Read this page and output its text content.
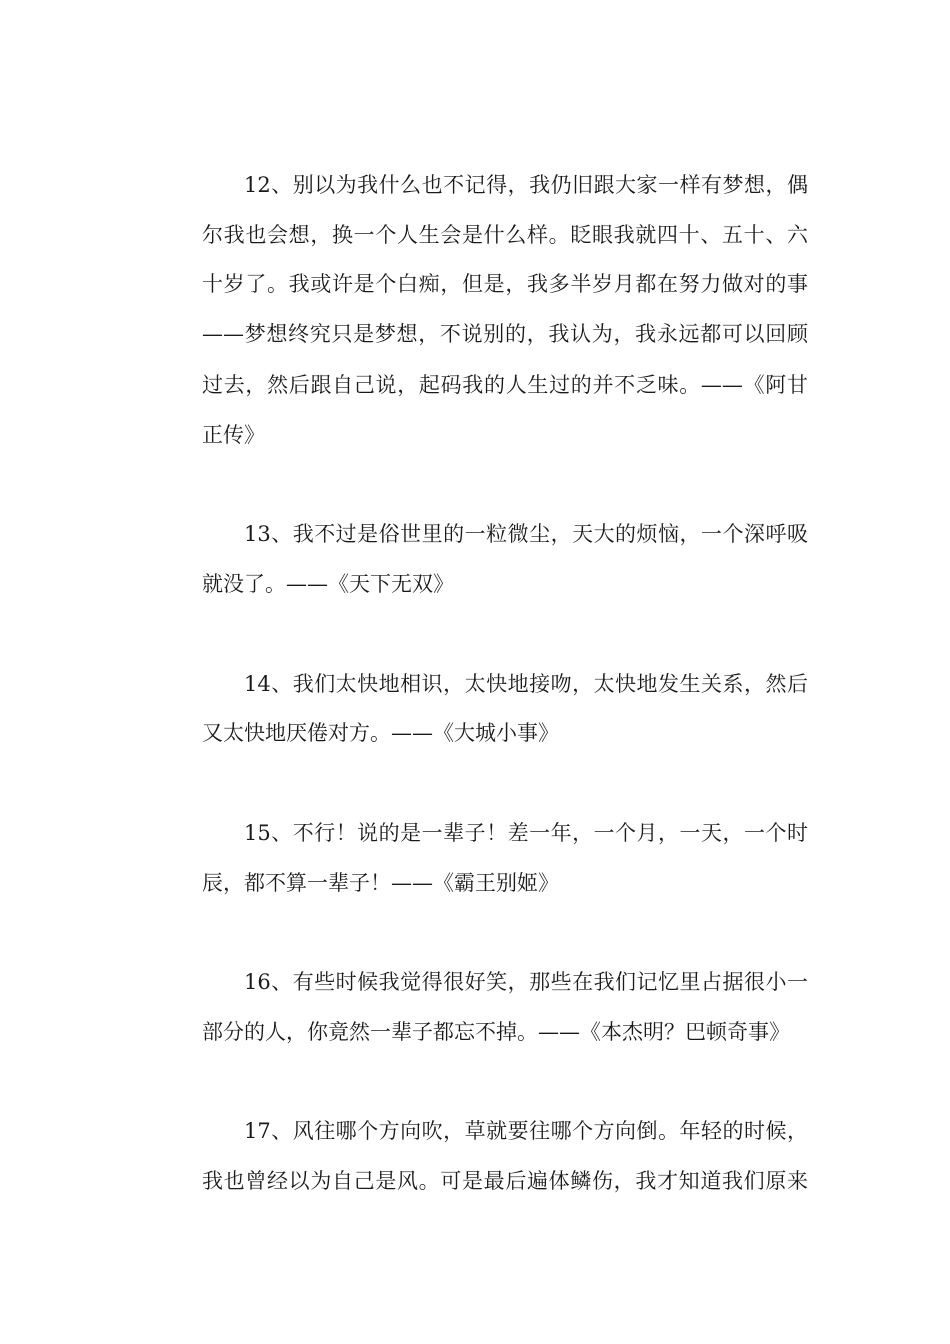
12、别以为我什么也不记得，我仍旧跟大家一样有梦想，偶
尔我也会想，换一个人生会是什么样。眨眼我就四十、五十、六
十岁了。我或许是个白痴，但是，我多半岁月都在努力做对的事
——梦想终究只是梦想，不说别的，我认为，我永远都可以回顾
过去，然后跟自己说，起码我的人生过的并不乏味。——《阿甘
正传》
13、我不过是俗世里的一粒微尘，天大的烦恼，一个深呼吸
就没了。——《天下无双》
14、我们太快地相识，太快地接吻，太快地发生关系，然后
又太快地厌倦对方。——《大城小事》
15、不行！说的是一辈子！差一年，一个月，一天，一个时
辰，都不算一辈子！——《霸王别姬》
16、有些时候我觉得很好笑，那些在我们记忆里占据很小一
部分的人，你竟然一辈子都忘不掉。——《本杰明？巴顿奇事》
17、风往哪个方向吹，草就要往哪个方向倒。年轻的时候，
我也曾经以为自己是风。可是最后遍体鳞伤，我才知道我们原来
